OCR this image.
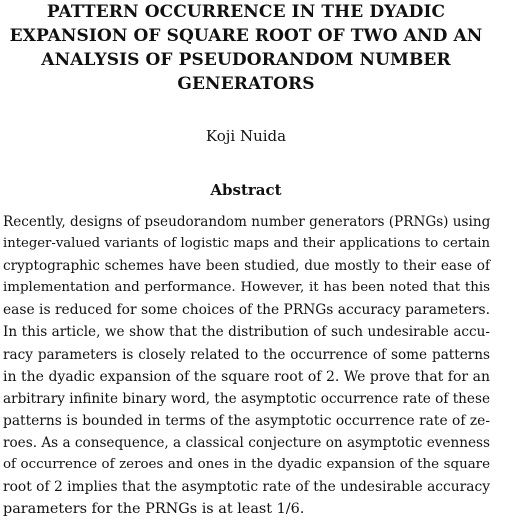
PATTERN OCCURRENCE IN THE DYADIC
EXPANSION OF SQUARE ROOT OF TWO AND AN
ANALYSIS OF PSEUDORANDOM NUMBER
GENERATORS

Koji Nuida

Abstract

Recently, designs of pseudorandom number generators (PRNGs) using
integer-valued variants of logistic maps and their applications to certain
cryptographic schemes have been studied, due mostly to their ease of
implementation and performance. However, it has been noted that this
ease is reduced for some choices of the PRNGs accuracy parameters.
In this article, we show that the distribution of such undesirable accu-
racy parameters is closely related to the occurrence of some patterns
in the dyadic expansion of the square root of 2. We prove that for an
arbitrary infinite binary word, the asymptotic occurrence rate of these
patterns is bounded in terms of the asymptotic occurrence rate of ze-
roes. As a consequence, a classical conjecture on asymptotic evenness
of occurrence of zeroes and ones in the dyadic expansion of the square
root of 2 implies that the asymptotic rate of the undesirable accuracy
parameters for the PRNGs is at least 1/6.
